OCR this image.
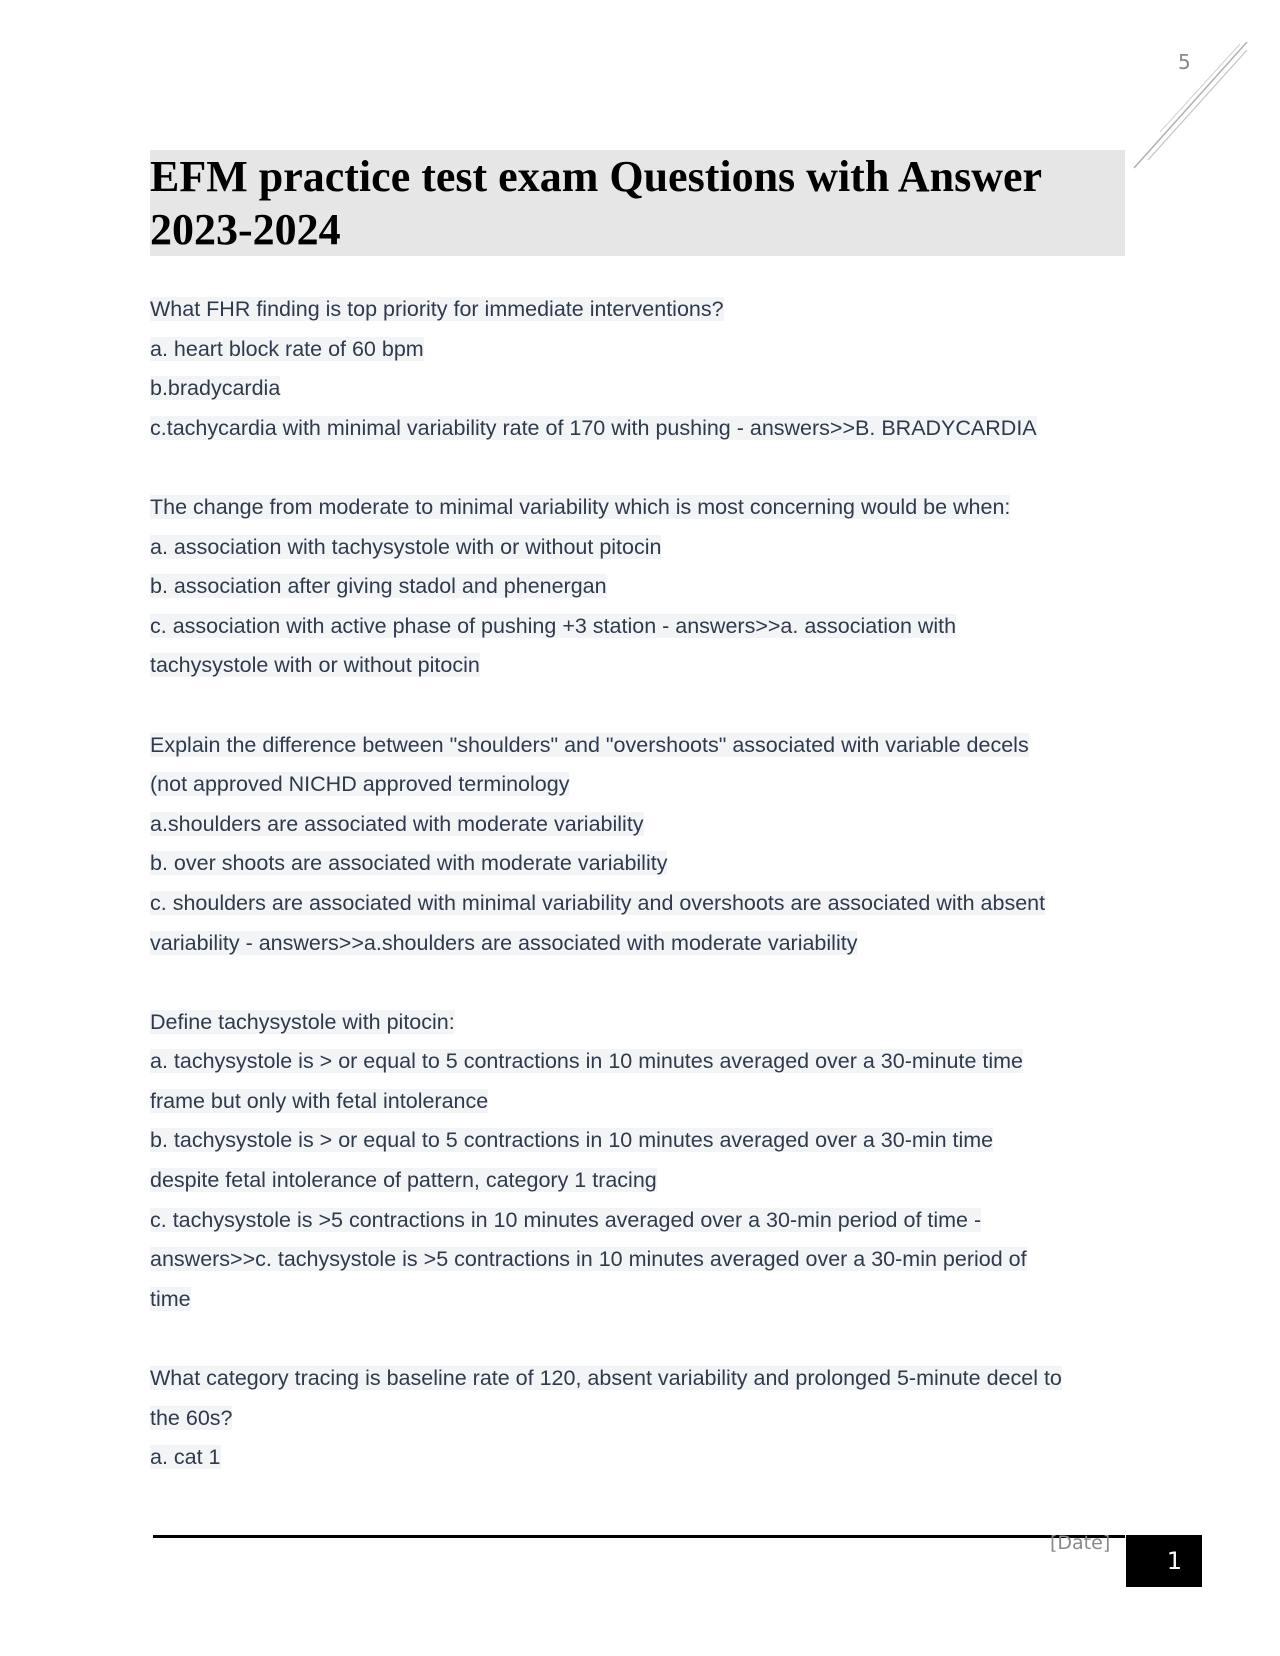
5
EFM practice test exam Questions with Answer
2023-2024
What FHR finding is top priority for immediate interventions?
a. heart block rate of 60 bpm
b.bradycardia
c.tachycardia with minimal variability rate of 170 with pushing - answers>>B. BRADYCARDIA
The change from moderate to minimal variability which is most concerning would be when:
a. association with tachysystole with or without pitocin
b. association after giving stadol and phenergan
c. association with active phase of pushing +3 station - answers>>a. association with
tachysystole with or without pitocin
Explain the difference between "shoulders" and "overshoots" associated with variable decels
(not approved NICHD approved terminology
a.shoulders are associated with moderate variability
b. over shoots are associated with moderate variability
c. shoulders are associated with minimal variability and overshoots are associated with absent
variability - answers>>a.shoulders are associated with moderate variability
Define tachysystole with pitocin:
a. tachysystole is > or equal to 5 contractions in 10 minutes averaged over a 30-minute time
frame but only with fetal intolerance
b. tachysystole is > or equal to 5 contractions in 10 minutes averaged over a 30-min time
despite fetal intolerance of pattern, category 1 tracing
c. tachysystole is >5 contractions in 10 minutes averaged over a 30-min period of time -
answers>>c. tachysystole is >5 contractions in 10 minutes averaged over a 30-min period of
time
What category tracing is baseline rate of 120, absent variability and prolonged 5-minute decel to
the 60s?
a. cat 1
[Date]
1
